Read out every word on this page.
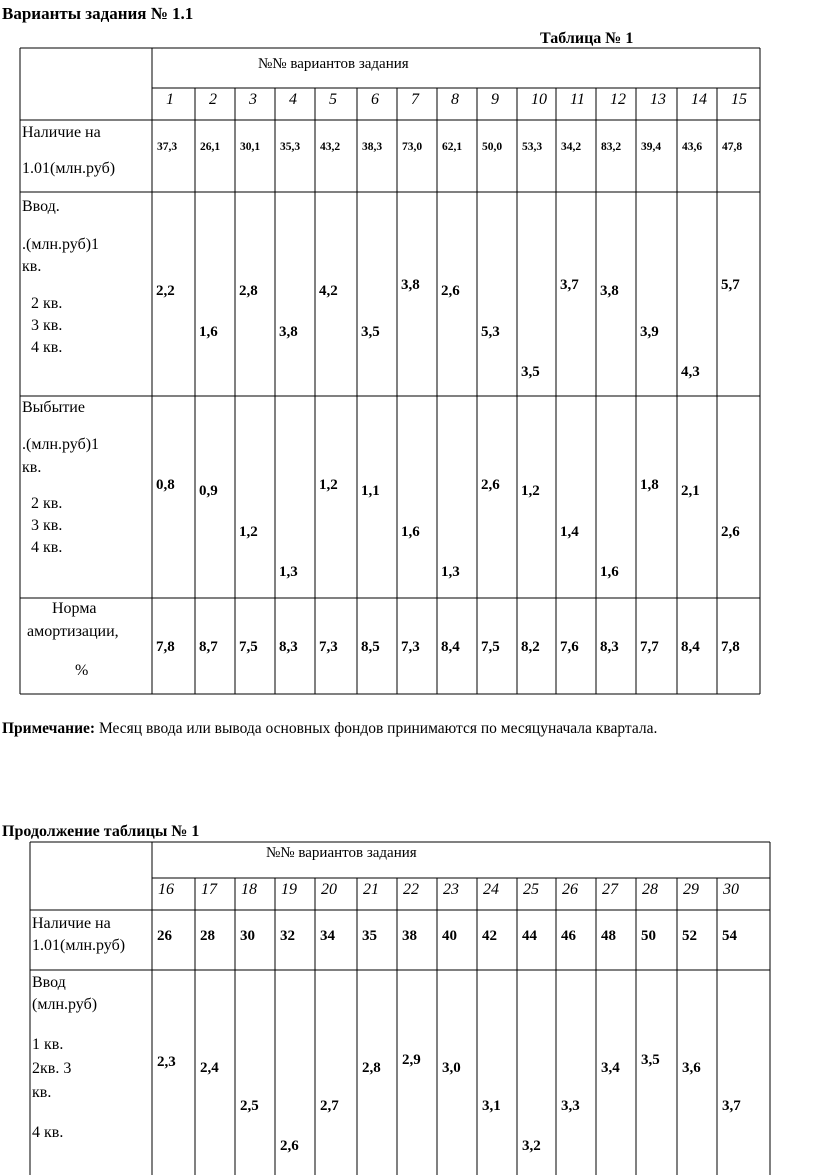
Варианты задания № 1.1
Таблица № 1
№№ вариантов задания
1 2 3 4 5 6 7 8 9 10 11 12 13 14 15
Наличие на
1.01(млн.руб)
37,3 26,1 30,1 35,3 43,2 38,3 73,0 62,1 50,0 53,3 34,2 83,2 39,4 43,6 47,8
Ввод.
.(млн.руб)1
кв.
2 кв.
3 кв.
4 кв.
2,2
1,6
2,8
3,8
4,2
3,5
3,8 2,6
5,3
3,5
3,7 3,8
3,9
4,3
5,7
Выбытие
.(млн.руб)1
кв.
2 кв.
3 кв.
4 кв.
0,8 0,9
1,2
1,3
1,2 1,1
1,6
1,3
2,6 1,2
1,4
1,6
1,8 2,1
2,6
Норма
амортизации,
%
7,8 8,7 7,5 8,3 7,3 8,5 7,3 8,4 7,5 8,2 7,6 8,3 7,7 8,4 7,8
Примечание: Месяц ввода или вывода основных фондов принимаются по месяцуначала квартала.
Продолжение таблицы № 1
№№ вариантов задания
16 17 18 19 20 21 22 23 24 25 26 27 28 29 30
Наличие на
1.01(млн.руб)
26 28 30 32 34 35 38 40 42 44 46 48 50 52 54
Ввод
(млн.руб)
1 кв.
2кв. 3
кв.
4 кв.
2,3 2,4
2,5
2,6
2,7
2,8 2,9 3,0
3,1
3,2
3,3
3,4 3,5 3,6
3,7
